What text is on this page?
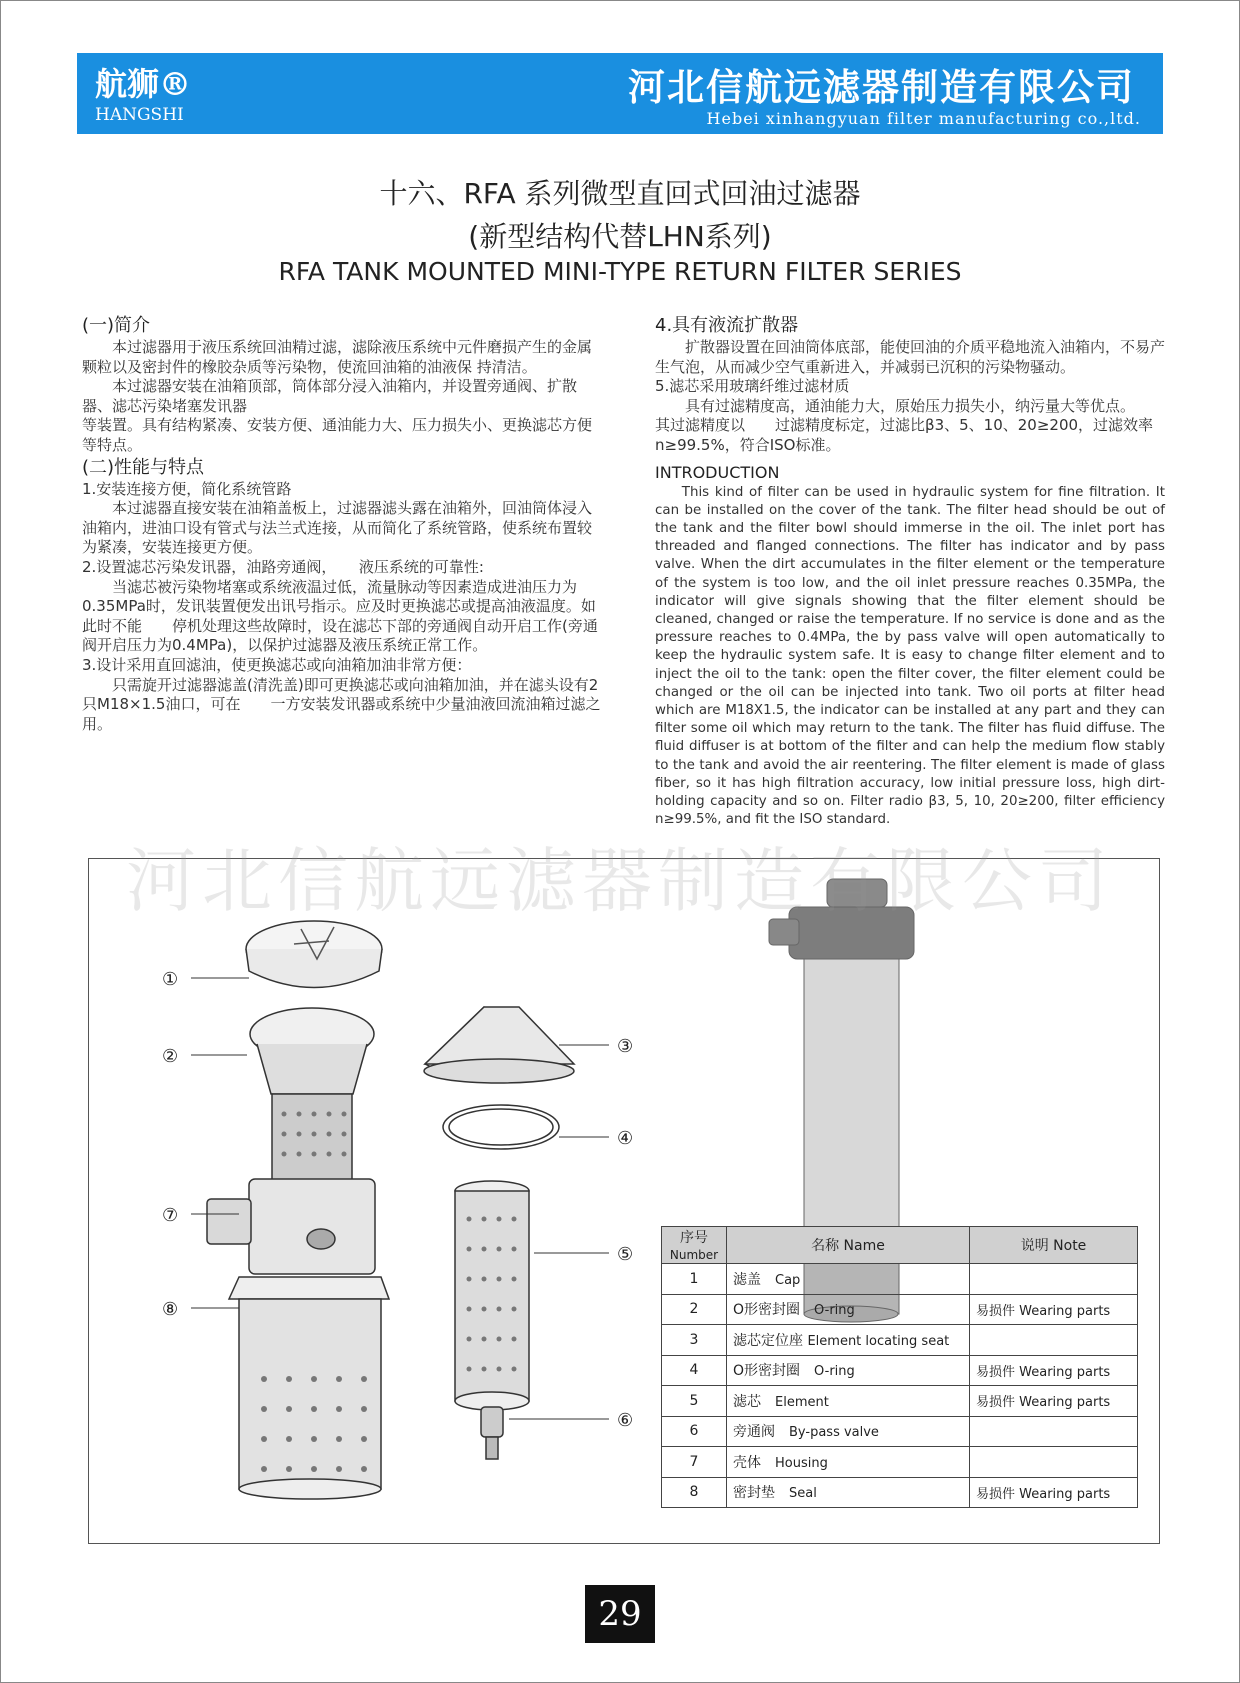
航狮®
HANGSHI
河北信航远滤器制造有限公司
Hebei xinhangyuan filter manufacturing co.,ltd.
十六、RFA 系列微型直回式回油过滤器
(新型结构代替LHN系列)
RFA TANK MOUNTED MINI-TYPE RETURN FILTER SERIES
(一)简介

本过滤器用于液压系统回油精过滤，滤除液压系统中元件磨损产生的金属颗粒以及密封件的橡胶杂质等污染物，使流回油箱的油液保 持清洁。

本过滤器安装在油箱顶部，筒体部分浸入油箱内，并设置旁通阀、扩散器、滤芯污染堵塞发讯器

等装置。具有结构紧凑、安装方便、通油能力大、压力损失小、更换滤芯方便等特点。

(二)性能与特点

1.安装连接方便，简化系统管路

本过滤器直接安装在油箱盖板上，过滤器滤头露在油箱外，回油筒体浸入油箱内，进油口设有管式与法兰式连接，从而简化了系统管路，使系统布置较为紧凑，安装连接更方便。

2.设置滤芯污染发讯器，油路旁通阀，　　液压系统的可靠性:

当滤芯被污染物堵塞或系统液温过低，流量脉动等因素造成进油压力为0.35MPa时，发讯装置便发出讯号指示。应及时更换滤芯或提高油液温度。如此时不能　　停机处理这些故障时，设在滤芯下部的旁通阀自动开启工作(旁通阀开启压力为0.4MPa)，以保护过滤器及液压系统正常工作。

3.设计采用直回滤油，使更换滤芯或向油箱加油非常方便：

只需旋开过滤器滤盖(清洗盖)即可更换滤芯或向油箱加油，并在滤头设有2只M18×1.5油口，可在　　一方安装发讯器或系统中少量油液回流油箱过滤之用。

4.具有液流扩散器

扩散器设置在回油筒体底部，能使回油的介质平稳地流入油箱内，不易产生气泡，从而减少空气重新进入，并减弱已沉积的污染物骚动。

5.滤芯采用玻璃纤维过滤材质

具有过滤精度高，通油能力大，原始压力损失小，纳污量大等优点。

其过滤精度以　　过滤精度标定，过滤比β3、5、10、20≥200，过滤效率n≥99.5%，符合ISO标准。

INTRODUCTION

This kind of filter can be used in hydraulic system for fine filtration. It can be installed on the cover of the tank. The filter head should be out of the tank and the filter bowl should immerse in the oil. The inlet port has threaded and flanged connections. The filter has indicator and by pass valve. When the dirt accumulates in the filter element or the temperature of the system is too low, and the oil inlet pressure reaches 0.35MPa, the indicator will give signals showing that the filter element should be cleaned, changed or raise the temperature. If no service is done and as the pressure reaches to 0.4MPa, the by pass valve will open automatically to keep the hydraulic system safe. It is easy to change filter element and to inject the oil to the tank: open the filter cover, the filter element could be changed or the oil can be injected into tank. Two oil ports at filter head which are M18X1.5, the indicator can be installed at any part and they can filter some oil which may return to the tank. The filter has fluid diffuse. The fluid diffuser is at bottom of the filter and can help the medium flow stably to the tank and avoid the air reentering. The filter element is made of glass fiber, so it has high filtration accuracy, low initial pressure loss, high dirt-holding capacity and so on. Filter radio β3, 5, 10, 20≥200, filter efficiency n≥99.5%, and fit the ISO standard.

①
②	③
④
⑤
⑥
⑦
⑧
河北信航远滤器制造有限公司
序号
Number	名称 Name	说明 Note
1	滤盖　 Cap	
2	O形密封圈　 O-ring	易损件 Wearing parts
3	滤芯定位座 Element locating seat	
4	O形密封圈　 O-ring	易损件 Wearing parts
5	滤芯　 Element	易损件 Wearing parts
6	旁通阀　 By-pass valve	
7	壳体　 Housing	
8	密封垫　 Seal	易损件 Wearing parts
29
